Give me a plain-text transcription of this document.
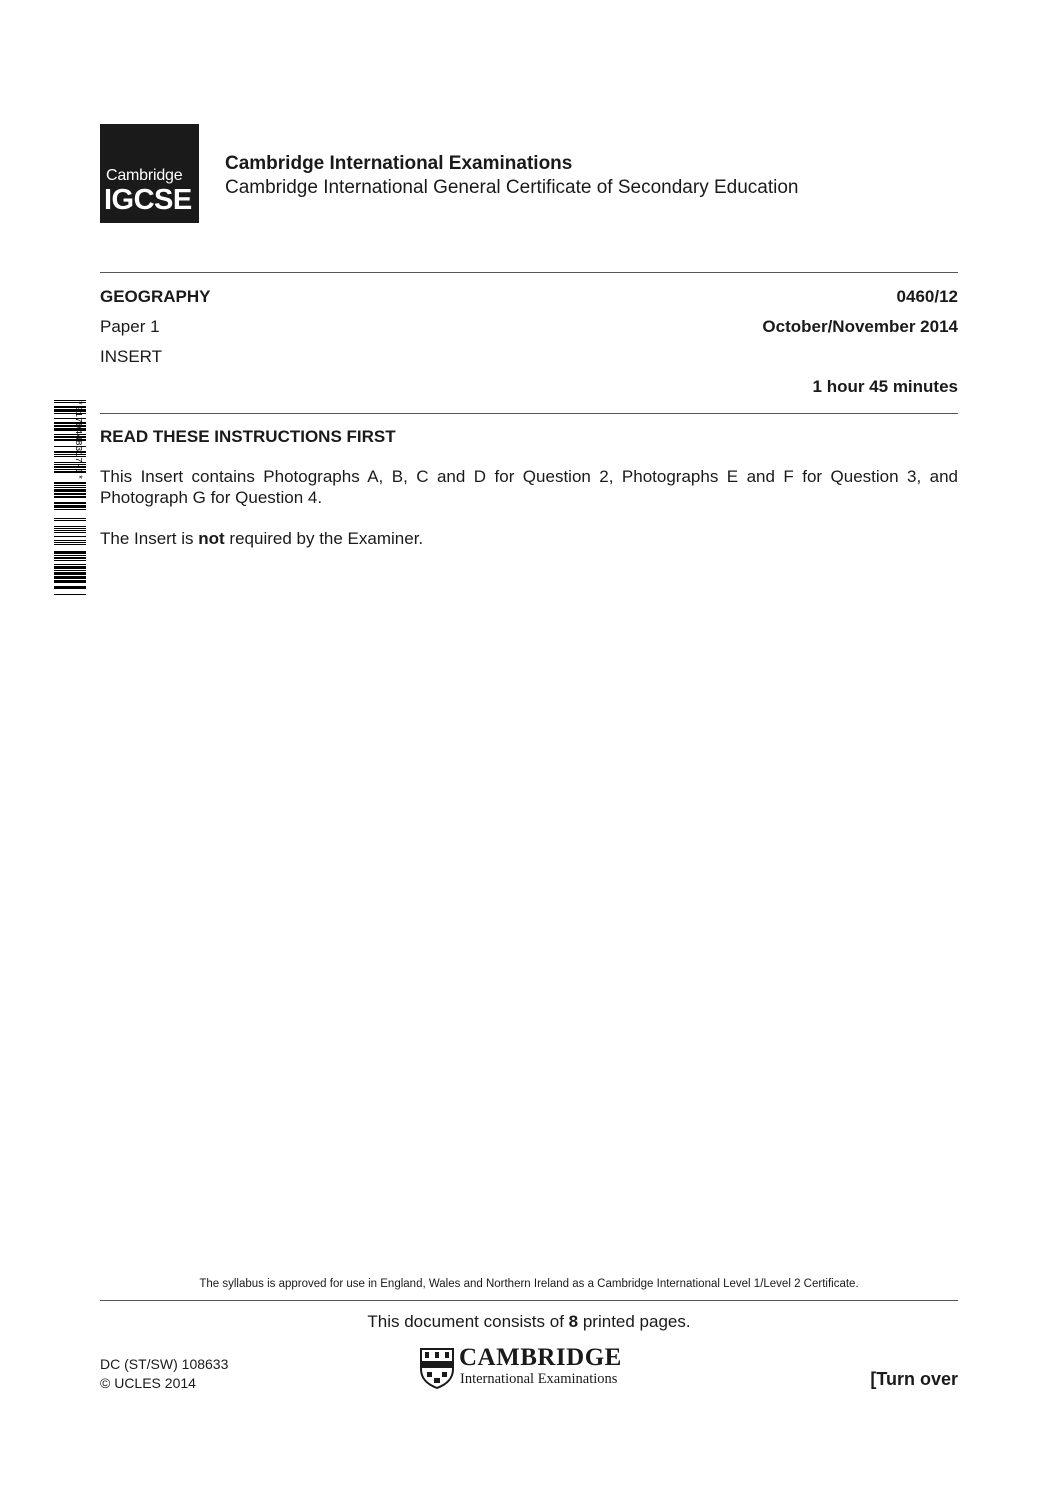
Cambridge
IGCSE
Cambridge International Examinations
Cambridge International General Certificate of Secondary Education
GEOGRAPHY	0460/12
Paper 1	October/November 2014
INSERT
1 hour 45 minutes
*9179448317-I* READ THESE INSTRUCTIONS FIRST
This Insert contains Photographs A, B, C and D for Question 2, Photographs E and F for Question 3, and Photograph G for Question 4.
The Insert is not required by the Examiner.
The syllabus is approved for use in England, Wales and Northern Ireland as a Cambridge International Level 1/Level 2 Certificate.
This document consists of 8 printed pages.
DC (ST/SW) 108633
© UCLES 2014
CAMBRIDGE
International Examinations	[Turn over
